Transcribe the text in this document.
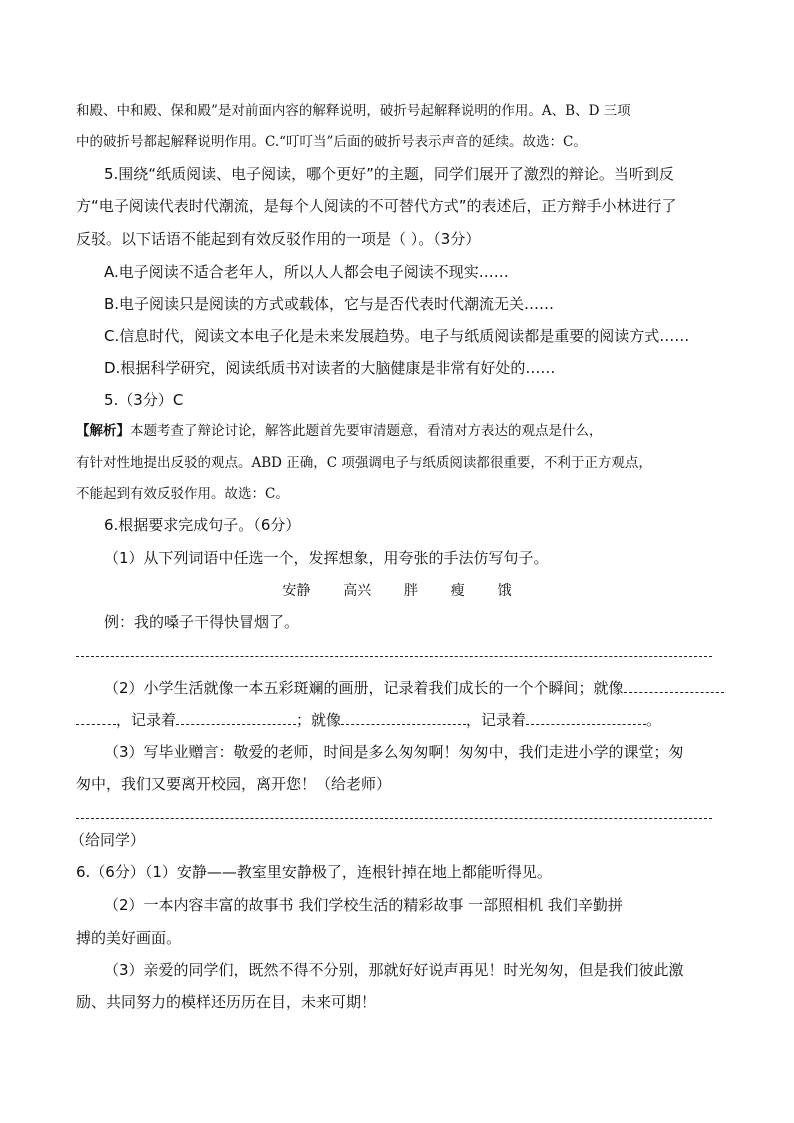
和殿、中和殿、保和殿”是对前面内容的解释说明，破折号起解释说明的作用。A、B、D 三项
中的破折号都起解释说明作用。C.“叮叮当”后面的破折号表示声音的延续。故选：C。
5.围绕“纸质阅读、电子阅读，哪个更好”的主题，同学们展开了激烈的辩论。当听到反
方“电子阅读代表时代潮流，是每个人阅读的不可替代方式”的表述后，正方辩手小林进行了
反驳。以下话语不能起到有效反驳作用的一项是（ ）。（3分）
A.电子阅读不适合老年人，所以人人都会电子阅读不现实……
B.电子阅读只是阅读的方式或载体，它与是否代表时代潮流无关……
C.信息时代，阅读文本电子化是未来发展趋势。电子与纸质阅读都是重要的阅读方式……
D.根据科学研究，阅读纸质书对读者的大脑健康是非常有好处的……
5.（3分）C
【解析】本题考查了辩论讨论，解答此题首先要审清题意，看清对方表达的观点是什么，
有针对性地提出反驳的观点。ABD 正确，C 项强调电子与纸质阅读都很重要，不利于正方观点，
不能起到有效反驳作用。故选：C。
6.根据要求完成句子。（6分）
（1）从下列词语中任选一个，发挥想象，用夸张的手法仿写句子。
安静 高兴 胖 瘦 饿
例：我的嗓子干得快冒烟了。
（2）小学生活就像一本五彩斑斓的画册，记录着我们成长的一个个瞬间；就像
，记录着	；就像	，记录着	。
（3）写毕业赠言：敬爱的老师，时间是多么匆匆啊！匆匆中，我们走进小学的课堂；匆
匆中，我们又要离开校园，离开您！（给老师）
（给同学）
6.（6分）（1）安静——教室里安静极了，连根针掉在地上都能听得见。
（2）一本内容丰富的故事书 我们学校生活的精彩故事 一部照相机 我们辛勤拼
搏的美好画面。
（3）亲爱的同学们，既然不得不分别，那就好好说声再见！时光匆匆，但是我们彼此激
励、共同努力的模样还历历在目，未来可期！
